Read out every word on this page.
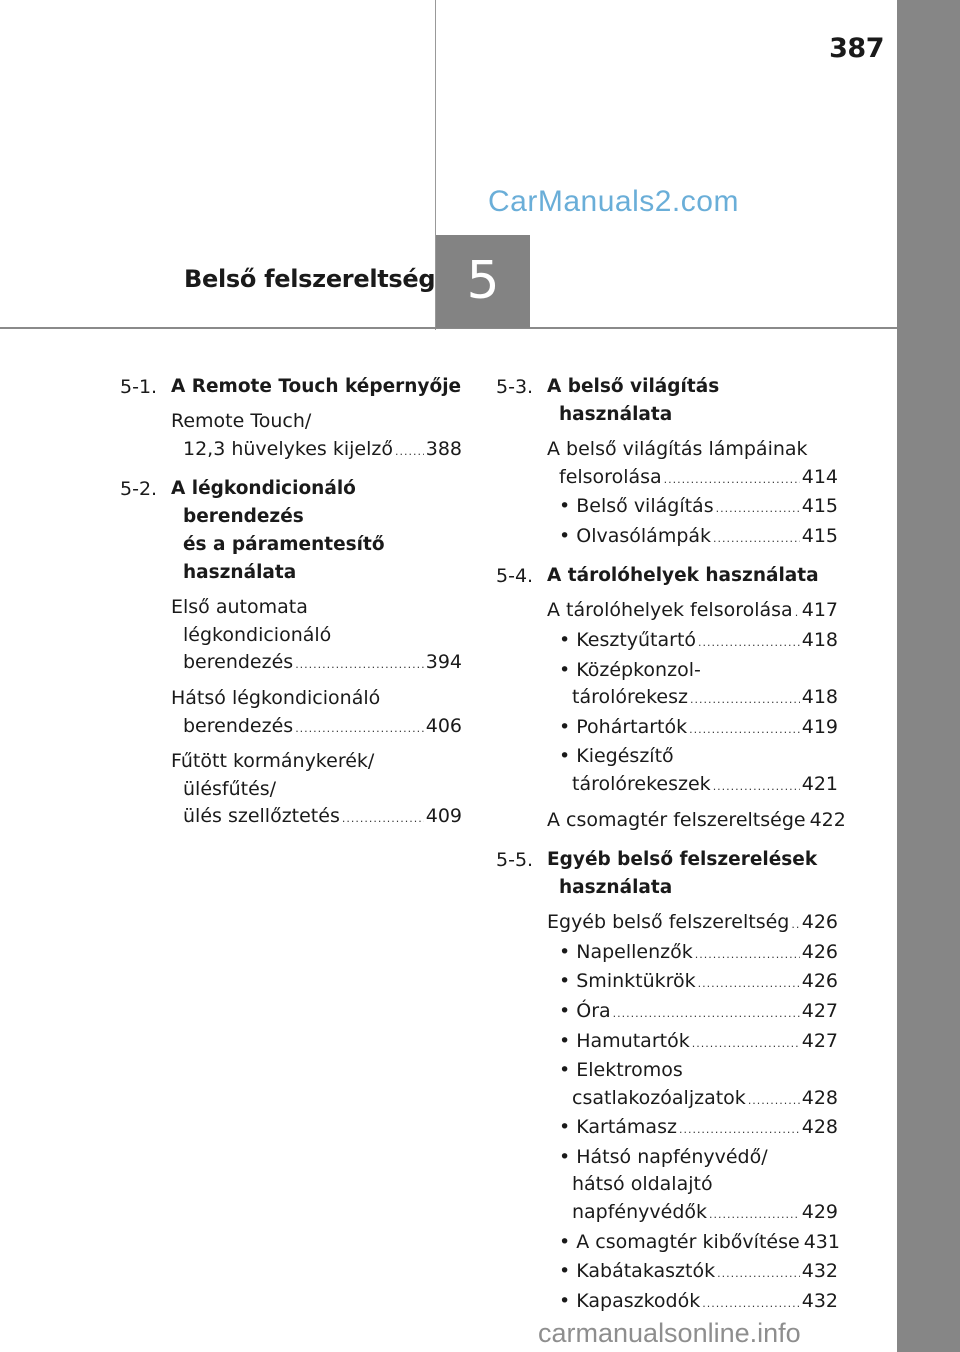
387
CarManuals2.com
5
Belső felszereltség
5-1. A Remote Touch képernyője
Remote Touch/
12,3 hüvelykes kijelző ..... 388
5-2. A légkondicionáló berendezés
és a páramentesítő használata
Első automata
légkondicionáló
berendezés .....	394
Hátsó légkondicionáló
berendezés .....	406
Fűtött kormánykerék/
ülésfűtés/
ülés szellőztetés .....	409
5-3. A belső világítás használata
A belső világítás lámpáinak
felsorolása .....	414
• Belső világítás .....	415
• Olvasólámpák .....	415
5-4. A tárolóhelyek használata
A tárolóhelyek felsorolása ..... 417
• Kesztyűtartó .....	418
• Középkonzol-
tárolórekesz .....	418
• Pohártartók .....	419
• Kiegészítő
tárolórekeszek .....	421
A csomagtér felszereltsége 422
5-5. Egyéb belső felszerelések
használata
Egyéb belső felszereltség ..... 426
• Napellenzők .....	426
• Sminktükrök .....	426
• Óra .....	427
• Hamutartók .....	427
• Elektromos
csatlakozóaljzatok .....	428
• Kartámasz .....	428
• Hátsó napfényvédő/
hátsó oldalajtó
napfényvédők .....	429
• A csomagtér kibővítése 431
• Kabátakasztók .....	432
• Kapaszkodók .....	432
carmanualsonline.info
